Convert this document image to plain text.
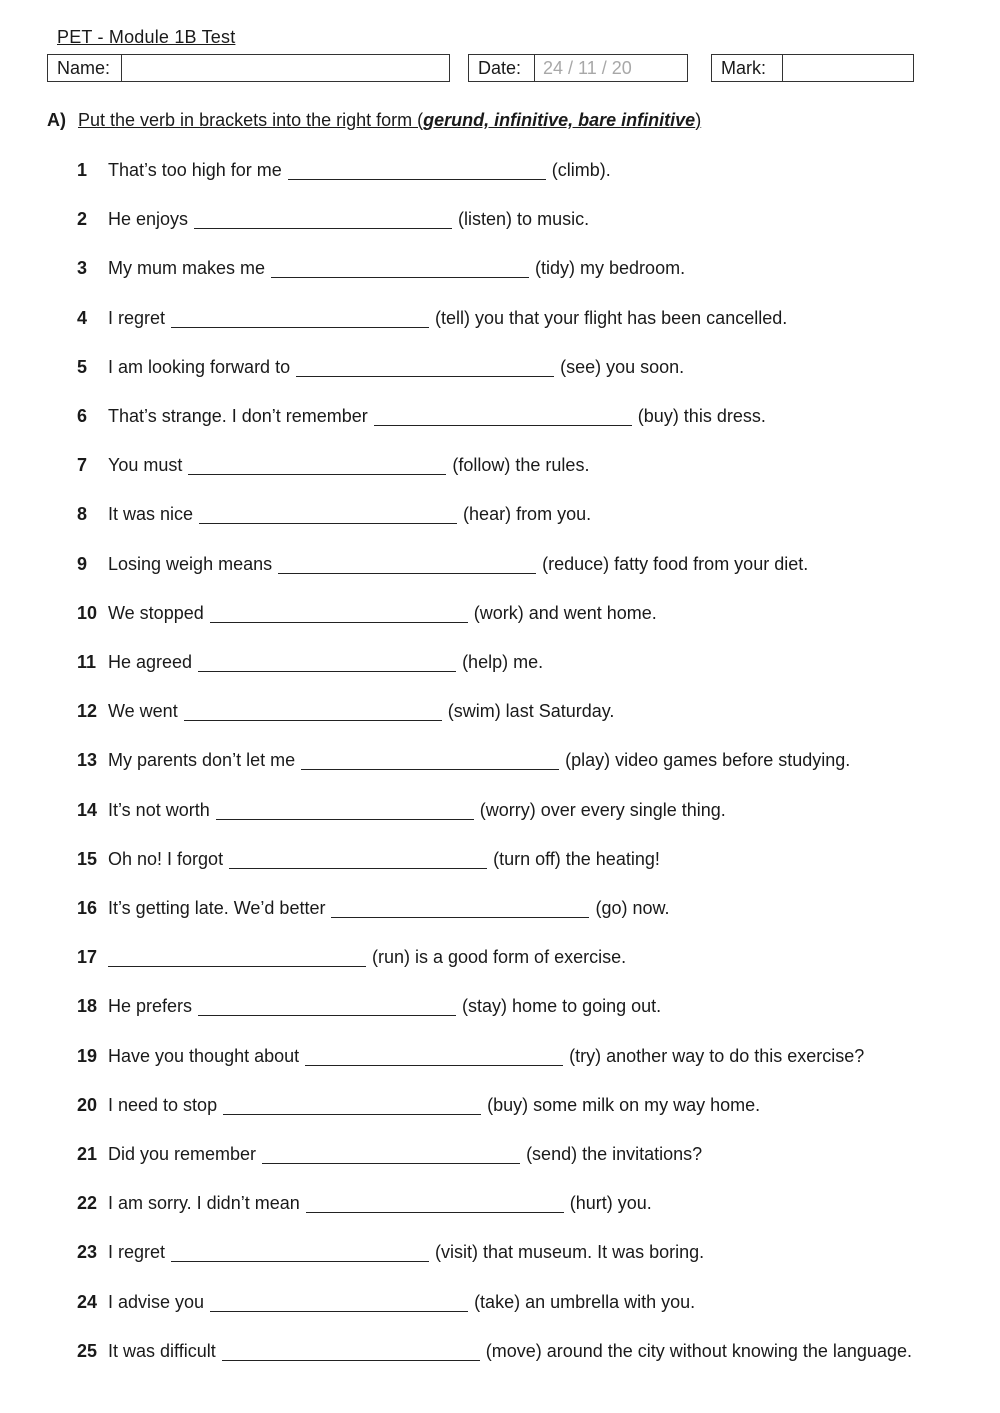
PET - Module 1B Test
Name:	Date:	24 / 11 / 20	Mark:
A) Put the verb in brackets into the right form (gerund, infinitive, bare infinitive)
1	That’s too high for me	(climb).
2	He enjoys	(listen) to music.
3	My mum makes me	(tidy) my bedroom.
4	I regret	(tell) you that your flight has been cancelled.
5	I am looking forward to	(see) you soon.
6	That’s strange. I don’t remember	(buy) this dress.
7	You must	(follow) the rules.
8	It was nice	(hear) from you.
9	Losing weigh means	(reduce) fatty food from your diet.
10 We stopped	(work) and went home.
11 He agreed	(help) me.
12 We went	(swim) last Saturday.
13 My parents don’t let me	(play) video games before studying.
14 It’s not worth	(worry) over every single thing.
15 Oh no! I forgot	(turn off) the heating!
16 It’s getting late. We’d better	(go) now.
17	(run) is a good form of exercise.
18 He prefers	(stay) home to going out.
19 Have you thought about	(try) another way to do this exercise?
20 I need to stop	(buy) some milk on my way home.
21 Did you remember	(send) the invitations?
22 I am sorry. I didn’t mean	(hurt) you.
23 I regret	(visit) that museum. It was boring.
24 I advise you	(take) an umbrella with you.
25 It was difficult	(move) around the city without knowing the language.
